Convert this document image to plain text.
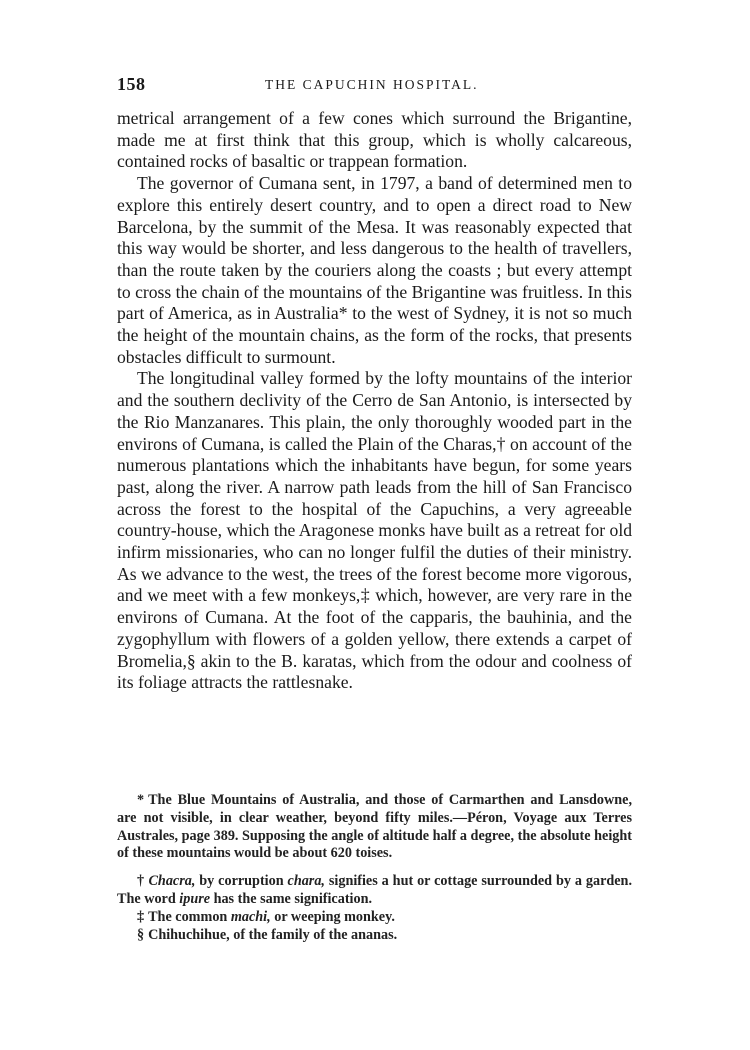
158	THE CAPUCHIN HOSPITAL.

metrical arrangement of a few cones which surround the Brigantine, made me at first think that this group, which is wholly calcareous, contained rocks of basaltic or trappean formation.

The governor of Cumana sent, in 1797, a band of determined men to explore this entirely desert country, and to open a direct road to New Barcelona, by the summit of the Mesa. It was reasonably expected that this way would be shorter, and less dangerous to the health of travellers, than the route taken by the couriers along the coasts ; but every attempt to cross the chain of the mountains of the Brigantine was fruitless. In this part of America, as in Australia* to the west of Sydney, it is not so much the height of the mountain chains, as the form of the rocks, that presents obstacles difficult to surmount.

The longitudinal valley formed by the lofty mountains of the interior and the southern declivity of the Cerro de San Antonio, is intersected by the Rio Manzanares. This plain, the only thoroughly wooded part in the environs of Cumana, is called the Plain of the Charas,† on account of the numerous plantations which the inhabitants have begun, for some years past, along the river. A narrow path leads from the hill of San Francisco across the forest to the hospital of the Capuchins, a very agreeable country-house, which the Aragonese monks have built as a retreat for old infirm missionaries, who can no longer fulfil the duties of their ministry. As we advance to the west, the trees of the forest become more vigorous, and we meet with a few monkeys,‡ which, however, are very rare in the environs of Cumana. At the foot of the capparis, the bauhinia, and the zygophyllum with flowers of a golden yellow, there extends a carpet of Bromelia,§ akin to the B. karatas, which from the odour and coolness of its foliage attracts the rattlesnake.

* The Blue Mountains of Australia, and those of Carmarthen and Lansdowne, are not visible, in clear weather, beyond fifty miles.—Péron, Voyage aux Terres Australes, page 389. Supposing the angle of altitude half a degree, the absolute height of these mountains would be about 620 toises.

† Chacra, by corruption chara, signifies a hut or cottage surrounded by a garden. The word ipure has the same signification.

‡ The common machi, or weeping monkey.

§ Chihuchihue, of the family of the ananas.
